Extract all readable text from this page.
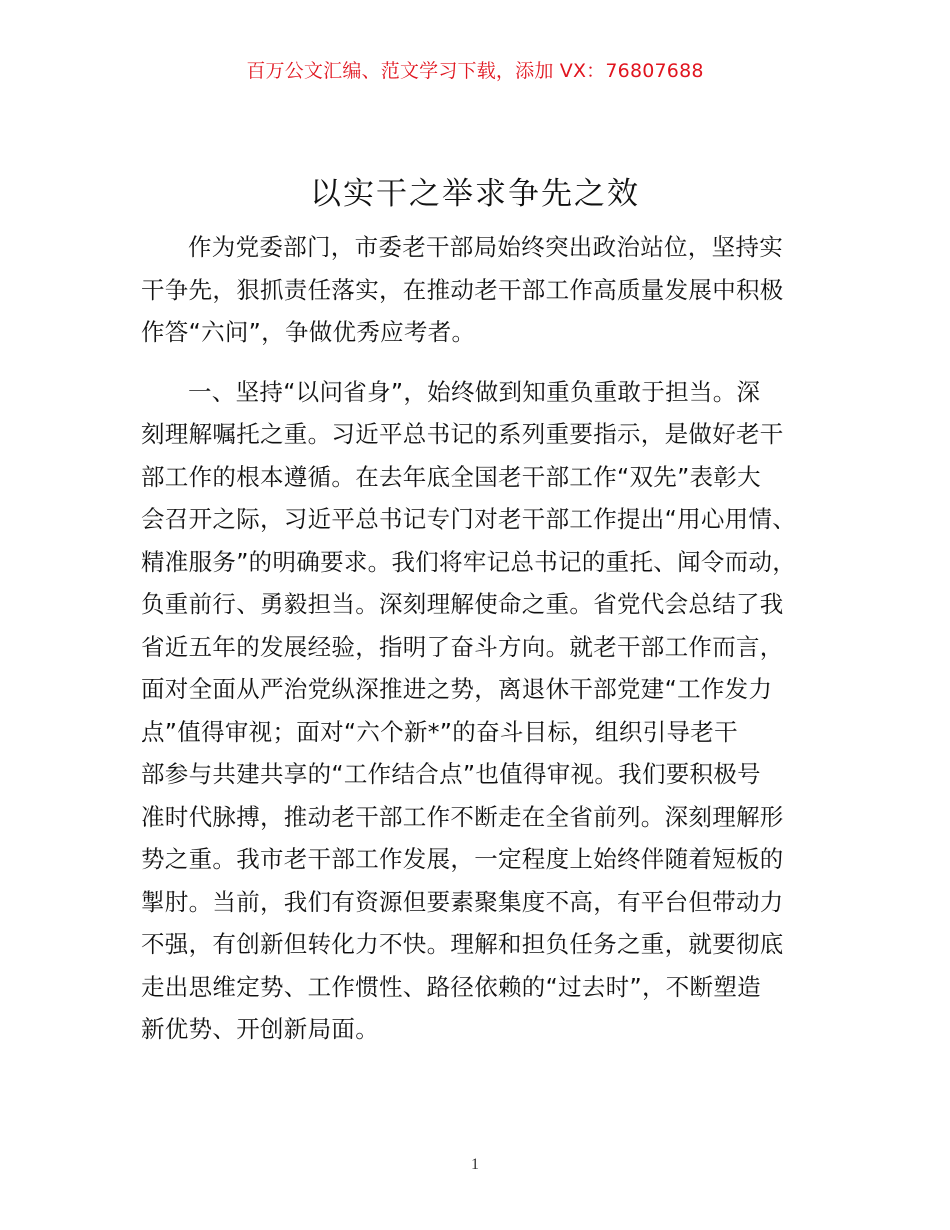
百万公文汇编、范文学习下载，添加 VX：76807688
以实干之举求争先之效
作为党委部门，市委老干部局始终突出政治站位，坚持实
干争先，狠抓责任落实，在推动老干部工作高质量发展中积极
作答“六问”，争做优秀应考者。
一、坚持“以问省身”，始终做到知重负重敢于担当。深
刻理解嘱托之重。习近平总书记的系列重要指示，是做好老干
部工作的根本遵循。在去年底全国老干部工作“双先”表彰大
会召开之际，习近平总书记专门对老干部工作提出“用心用情、
精准服务”的明确要求。我们将牢记总书记的重托、闻令而动，
负重前行、勇毅担当。深刻理解使命之重。省党代会总结了我
省近五年的发展经验，指明了奋斗方向。就老干部工作而言，
面对全面从严治党纵深推进之势，离退休干部党建“工作发力
点”值得审视；面对“六个新*”的奋斗目标，组织引导老干
部参与共建共享的“工作结合点”也值得审视。我们要积极号
准时代脉搏，推动老干部工作不断走在全省前列。深刻理解形
势之重。我市老干部工作发展，一定程度上始终伴随着短板的
掣肘。当前，我们有资源但要素聚集度不高，有平台但带动力
不强，有创新但转化力不快。理解和担负任务之重，就要彻底
走出思维定势、工作惯性、路径依赖的“过去时”，不断塑造
新优势、开创新局面。
1
